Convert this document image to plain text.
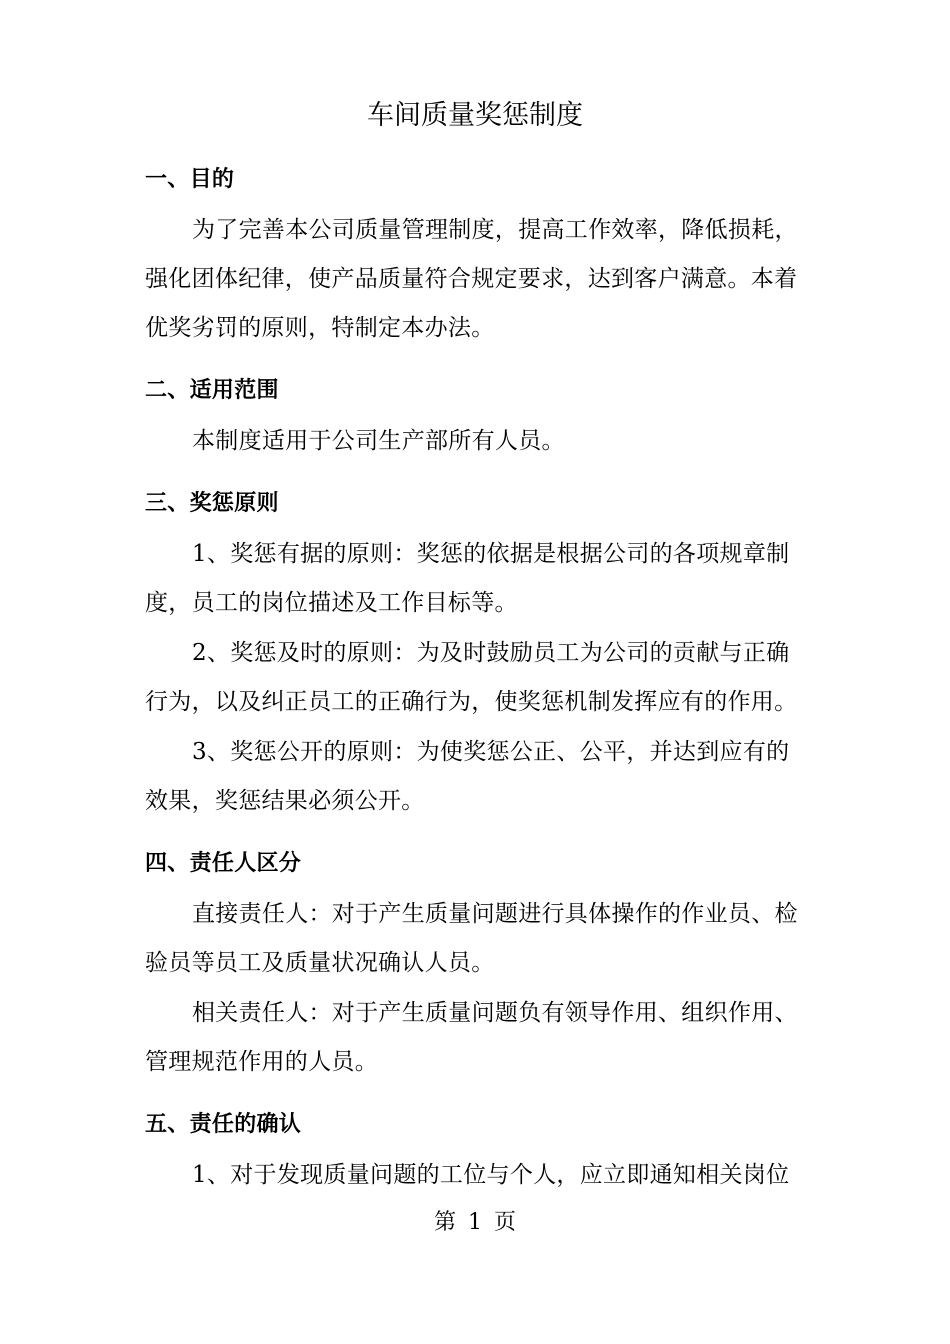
车间质量奖惩制度
一、目的
为了完善本公司质量管理制度，提高工作效率，降低损耗，
强化团体纪律，使产品质量符合规定要求，达到客户满意。本着
优奖劣罚的原则，特制定本办法。
二、适用范围
本制度适用于公司生产部所有人员。
三、奖惩原则
1、奖惩有据的原则：奖惩的依据是根据公司的各项规章制
度，员工的岗位描述及工作目标等。
2、奖惩及时的原则：为及时鼓励员工为公司的贡献与正确
行为，以及纠正员工的正确行为，使奖惩机制发挥应有的作用。
3、奖惩公开的原则：为使奖惩公正、公平，并达到应有的
效果，奖惩结果必须公开。
四、责任人区分
直接责任人：对于产生质量问题进行具体操作的作业员、检
验员等员工及质量状况确认人员。
相关责任人：对于产生质量问题负有领导作用、组织作用、
管理规范作用的人员。
五、责任的确认
1、对于发现质量问题的工位与个人，应立即通知相关岗位
第 1 页
